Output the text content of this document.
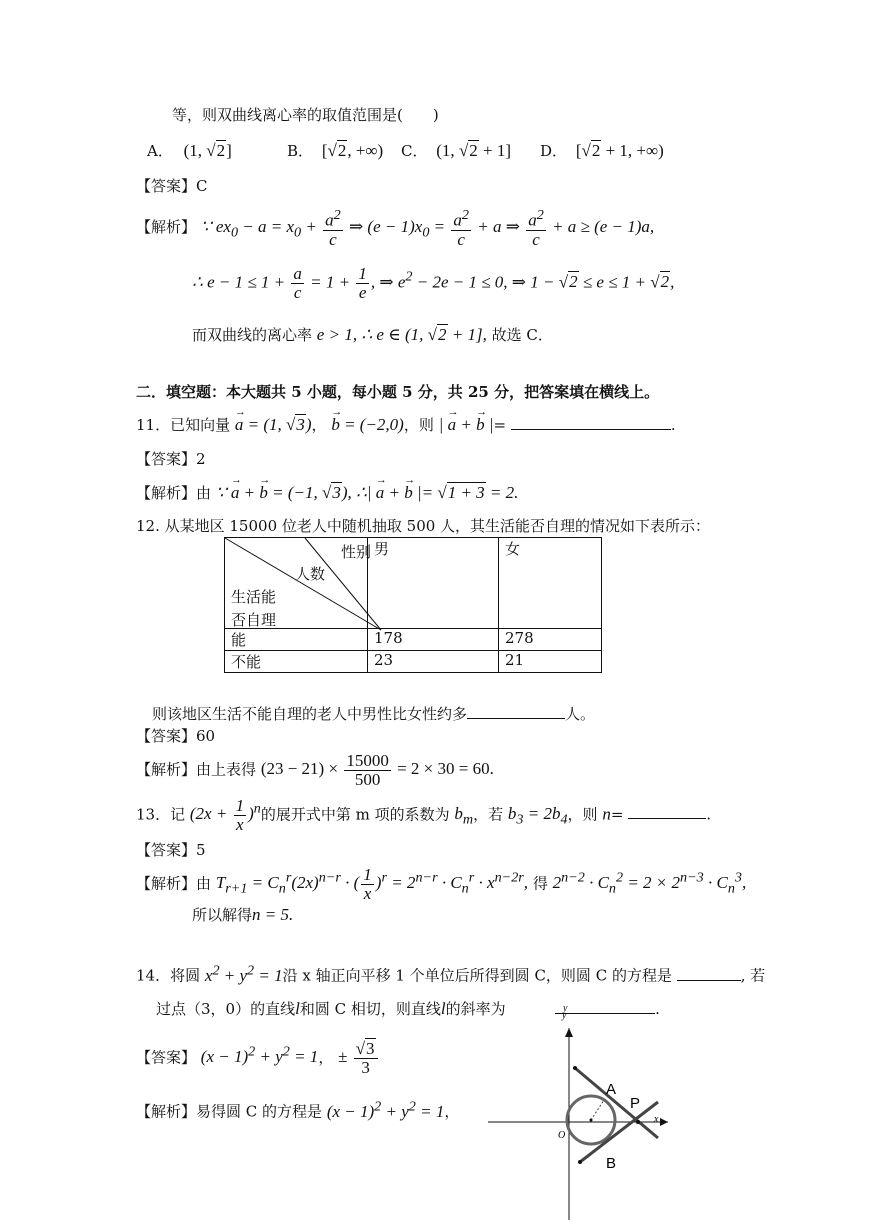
等，则双曲线离心率的取值范围是(　　)
A． (1, √2]	B． [√2, +∞) C． (1, √2 + 1] D． [√2 + 1, +∞)
【答案】C
【解析】 ∵ $ex_0 - a = x_0 + \frac{a^2}{c}$ ⇒ $(e - 1)x_0 = \frac{a^2}{c} + a$ ⇒ $\frac{a^2}{c} + a \ge (e - 1)a$,
∴ $e - 1 \le 1 + \frac{a}{c} = 1 + \frac{1}{e}$ , ⇒ $e^2 - 2e - 1 \le 0$, ⇒ 1 − √2 ≤ e ≤ 1 + √2,
而双曲线的离心率 e > 1, ∴ e ∈ (1, √2 + 1], 故选 C．
二．填空题：本大题共 5 小题，每小题 5 分，共 25 分，把答案填在横线上。
11．已知向量 → a = (1, √3)， → b = (−2,0)，则 | → a + → b |=	.
【答案】2
【解析】由 ∵ → a + → b = (−1, √3), ∴| → a + → b |= √1 + 3 = 2.
12. 从某地区 15000 位老人中随机抽取 500 人，其生活能否自理的情况如下表所示：
性别
人数
生活能
否自理	男	女
能	178	278
不能	23	21
则该地区生活不能自理的老人中男性比女性约多	人。
【答案】60
【解析】由上表得 $(23 - 21) \times \frac{15000}{500} = 2 \times 30 = 60$.
13．记 $(2x + \frac{1}{x} )^n$的展开式中第 m 项的系数为 $b_m$，若 $b_3 = 2b_4$，则 n=	.
【答案】5
【解析】由 $T_{r+1} = C_n^r(2x)^{n-r}$ · ( $\frac{1}{x} )^r = 2^{n-r} \cdot C_n^r \cdot x^{n-2r}$, 得 $2^{n-2} \cdot C_n^2 = 2 \times 2^{n-3} \cdot C_n^3$,
所以解得n = 5.
14．将圆 $x^2 + y^2 = 1$沿 x 轴正向平移 1 个单位后所得到圆 C，则圆 C 的方程是	, 若
过点（3，0）的直线l和圆 C 相切，则直线l的斜率为	.
【答案】 $(x - 1)^2 + y^2 = 1$， ± $\frac{√3}{3}$
【解析】易得圆 C 的方程是 $(x - 1)^2 + y^2 = 1$，
A
B
P
O
x
y
y
